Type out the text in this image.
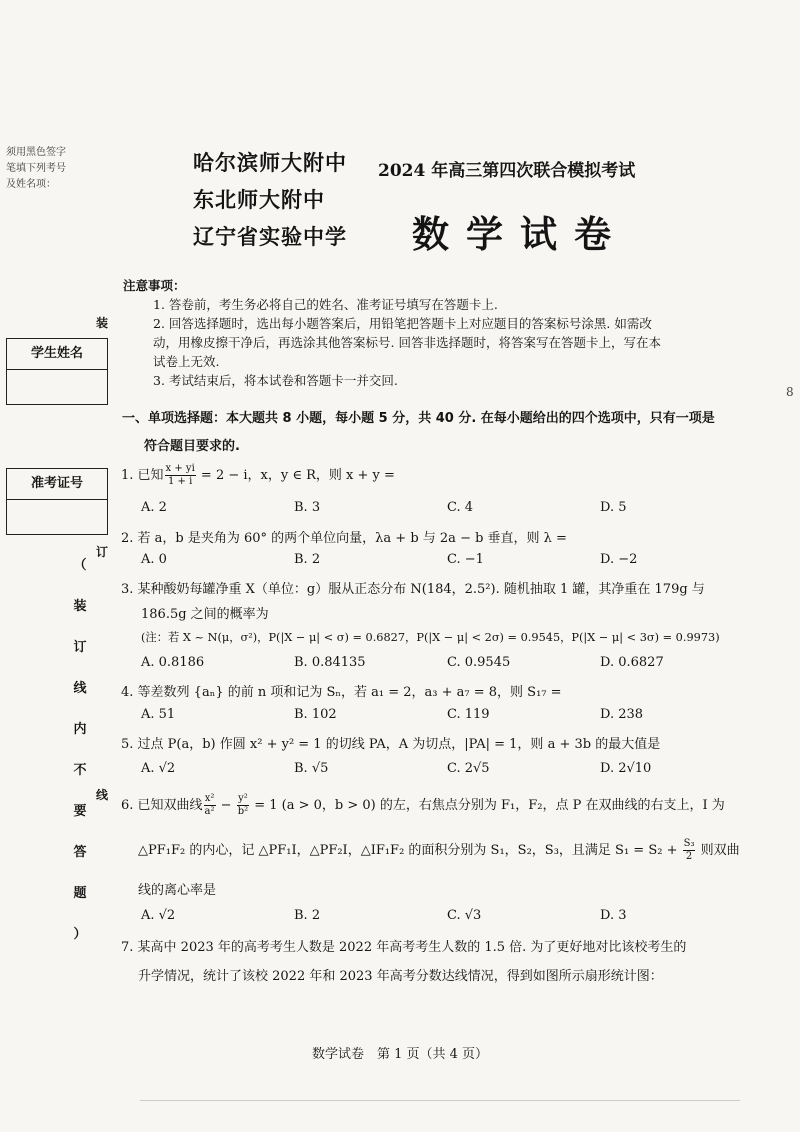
须用黑色签字
笔填下列考号
及姓名项：
学生姓名
准考证号
装
订
线
（
装
订
线
内
不
要
答
题
）
哈尔滨师大附中
东北师大附中
辽宁省实验中学
2024 年高三第四次联合模拟考试
数学试卷
注意事项：
1. 答卷前，考生务必将自己的姓名、准考证号填写在答题卡上.
2. 回答选择题时，选出每小题答案后，用铅笔把答题卡上对应题目的答案标号涂黑. 如需改
动，用橡皮擦干净后，再选涂其他答案标号. 回答非选择题时，将答案写在答题卡上，写在本
试卷上无效.
3. 考试结束后，将本试卷和答题卡一并交回.
一、单项选择题：本大题共 8 小题，每小题 5 分，共 40 分. 在每小题给出的四个选项中，只有一项是
符合题目要求的.
1. 已知 $\frac{x + yi}{1 + i} = 2 - i$，x，y ∈ R，则 x + y =
A. 2	B. 3	C. 4	D. 5
2. 若 a，b 是夹角为 60° 的两个单位向量，λa + b 与 2a − b 垂直，则 λ =
A. 0	B. 2	C. −1	D. −2
3. 某种酸奶每罐净重 X（单位：g）服从正态分布 N(184，2.5²). 随机抽取 1 罐，其净重在 179g 与
186.5g 之间的概率为
(注：若 X ~ N(μ，σ²)，P(|X − μ| < σ) = 0.6827，P(|X − μ| < 2σ) = 0.9545，P(|X − μ| < 3σ) = 0.9973)
A. 0.8186	B. 0.84135	C. 0.9545	D. 0.6827
4. 等差数列 {aₙ} 的前 n 项和记为 Sₙ，若 a₁ = 2，a₃ + a₇ = 8，则 S₁₇ =
A. 51	B. 102	C. 119	D. 238
5. 过点 P(a，b) 作圆 x² + y² = 1 的切线 PA，A 为切点，|PA| = 1，则 a + 3b 的最大值是
A. √2	B. √5	C. 2√5	D. 2√10
6. 已知双曲线 $\frac{\text{x²}}{\text{a²}} - \frac{\text{y²}}{\text{b²}} = 1$ (a > 0，b > 0) 的左，右焦点分别为 F₁，F₂，点 P 在双曲线的右支上，I 为
△PF₁F₂ 的内心，记 △PF₁I，△PF₂I，△IF₁F₂ 的面积分别为 S₁，S₂，S₃，且满足 $S_1 = S_2 + \frac{\text{S₃}}{2}$ 则双曲
线的离心率是
A. √2	B. 2	C. √3	D. 3
7. 某高中 2023 年的高考考生人数是 2022 年高考考生人数的 1.5 倍. 为了更好地对比该校考生的
升学情况，统计了该校 2022 年和 2023 年高考分数达线情况，得到如图所示扇形统计图：
8
数学试卷　第 1 页（共 4 页）
